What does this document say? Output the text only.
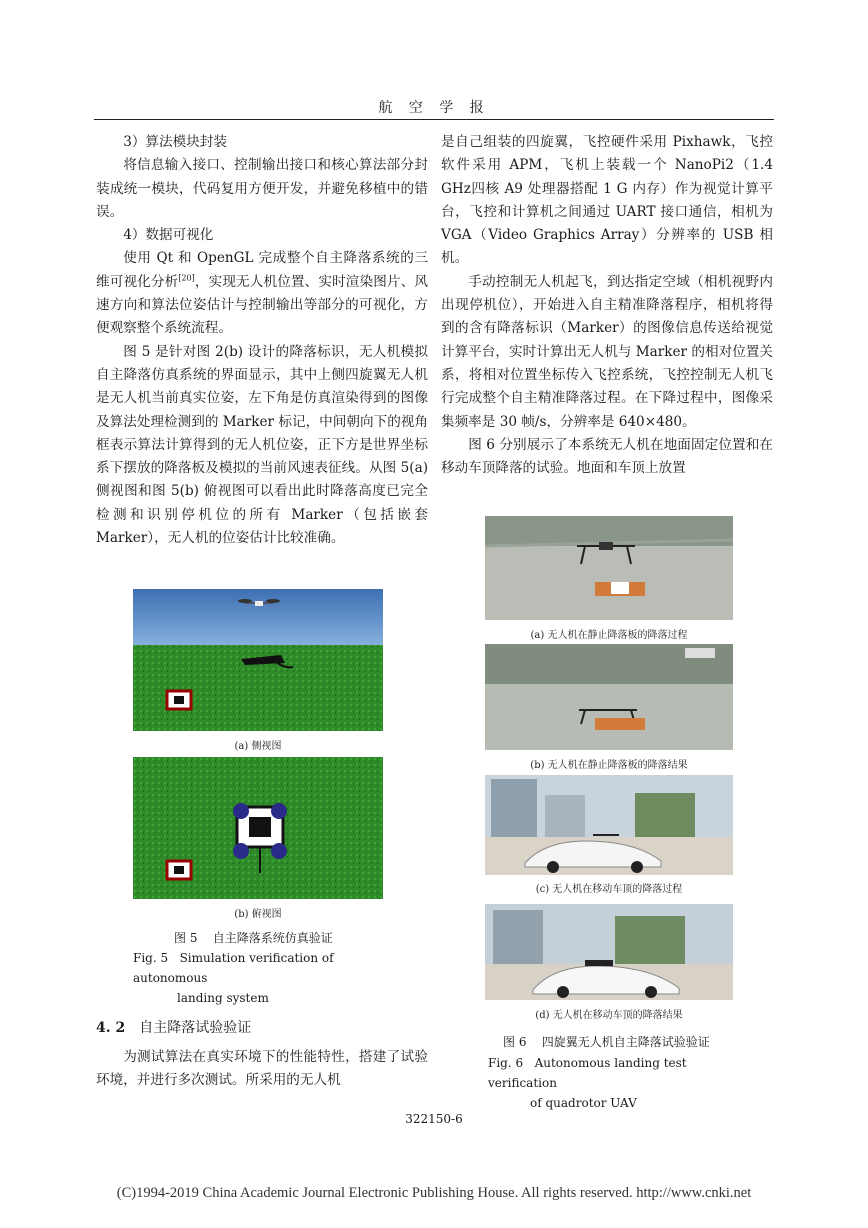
航 空 学 报

3）算法模块封装

将信息输入接口、控制输出接口和核心算法部分封装成统一模块，代码复用方便开发，并避免移植中的错误。

4）数据可视化

使用 Qt 和 OpenGL 完成整个自主降落系统的三维可视化分析[20]，实现无人机位置、实时渲染图片、风速方向和算法位姿估计与控制输出等部分的可视化，方便观察整个系统流程。

图 5 是针对图 2(b) 设计的降落标识，无人机模拟自主降落仿真系统的界面显示，其中上侧四旋翼无人机是无人机当前真实位姿，左下角是仿真渲染得到的图像及算法处理检测到的 Marker 标记，中间朝向下的视角框表示算法计算得到的无人机位姿，正下方是世界坐标系下摆放的降落板及模拟的当前风速表征线。从图 5(a) 侧视图和图 5(b) 俯视图可以看出此时降落高度已完全检测和识别停机位的所有 Marker（包括嵌套 Marker），无人机的位姿估计比较准确。

(a) 侧视图
(b) 俯视图
图 5 自主降落系统仿真验证
Fig. 5 Simulation verification of autonomous
landing system
4. 2 自主降落试验验证

为测试算法在真实环境下的性能特性，搭建了试验环境，并进行多次测试。所采用的无人机

是自己组装的四旋翼，飞控硬件采用 Pixhawk，飞控软件采用 APM，飞机上装载一个 NanoPi2（1.4 GHz四核 A9 处理器搭配 1 G 内存）作为视觉计算平台，飞控和计算机之间通过 UART 接口通信，相机为 VGA（Video Graphics Array）分辨率的 USB 相机。

手动控制无人机起飞，到达指定空域（相机视野内出现停机位），开始进入自主精准降落程序，相机将得到的含有降落标识（Marker）的图像信息传送给视觉计算平台，实时计算出无人机与 Marker 的相对位置关系，将相对位置坐标传入飞控系统，飞控控制无人机飞行完成整个自主精准降落过程。在下降过程中，图像采集频率是 30 帧/s，分辨率是 640×480。

图 6 分别展示了本系统无人机在地面固定位置和在移动车顶降落的试验。地面和车顶上放置

(a) 无人机在静止降落板的降落过程
(b) 无人机在静止降落板的降落结果
(c) 无人机在移动车顶的降落过程
(d) 无人机在移动车顶的降落结果
图 6 四旋翼无人机自主降落试验验证
Fig. 6 Autonomous landing test verification
of quadrotor UAV
322150-6
(C)1994-2019 China Academic Journal Electronic Publishing House. All rights reserved. http://www.cnki.net
